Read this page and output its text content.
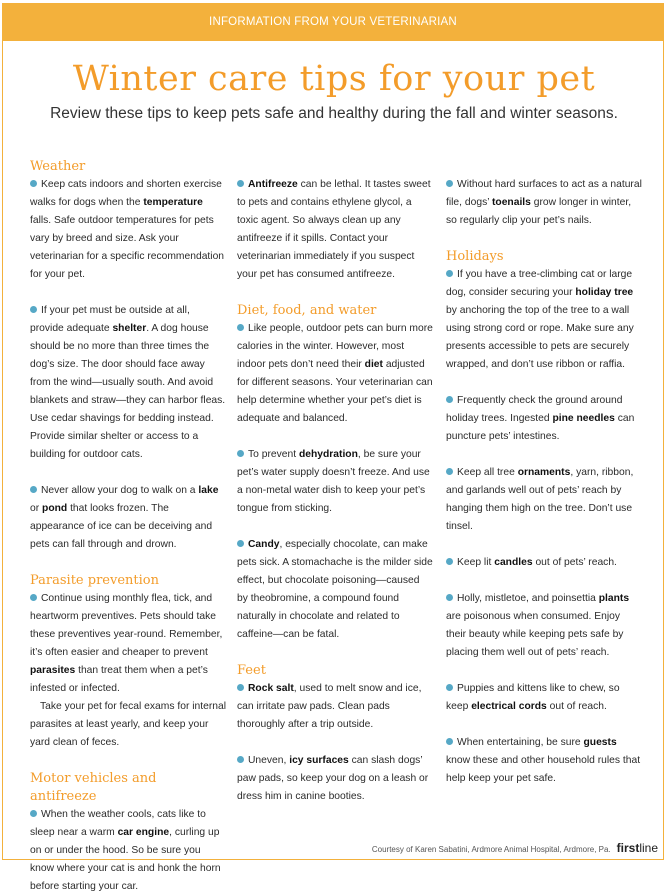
INFORMATION FROM YOUR VETERINARIAN
Winter care tips for your pet
Review these tips to keep pets safe and healthy during the fall and winter seasons.
Weather

Keep cats indoors and shorten exercise walks for dogs when the temperature falls. Safe outdoor temperatures for pets vary by breed and size. Ask your veterinarian for a specific recommendation for your pet.

If your pet must be outside at all, provide adequate shelter. A dog house should be no more than three times the dog’s size. The door should face away from the wind—usually south. And avoid blankets and straw—they can harbor fleas. Use cedar shavings for bedding instead. Provide similar shelter or access to a building for outdoor cats.

Never allow your dog to walk on a lake or pond that looks frozen. The appearance of ice can be deceiving and pets can fall through and drown.

Parasite prevention

Continue using monthly flea, tick, and heartworm preventives. Pets should take these preventives year-round. Remember, it’s often easier and cheaper to prevent parasites than treat them when a pet’s infested or infected.

Take your pet for fecal exams for internal parasites at least yearly, and keep your yard clean of feces.

Motor vehicles and antifreeze

When the weather cools, cats like to sleep near a warm car engine, curling up on or under the hood. So be sure you know where your cat is and honk the horn before starting your car.

Antifreeze can be lethal. It tastes sweet to pets and contains ethylene glycol, a toxic agent. So always clean up any antifreeze if it spills. Contact your veterinarian immediately if you suspect your pet has consumed antifreeze.

Diet, food, and water

Like people, outdoor pets can burn more calories in the winter. However, most indoor pets don’t need their diet adjusted for different seasons. Your veterinarian can help determine whether your pet’s diet is adequate and balanced.

To prevent dehydration, be sure your pet’s water supply doesn’t freeze. And use a non-metal water dish to keep your pet’s tongue from sticking.

Candy, especially chocolate, can make pets sick. A stomachache is the milder side effect, but chocolate poisoning—caused by theobromine, a compound found naturally in chocolate and related to caffeine—can be fatal.

Feet

Rock salt, used to melt snow and ice, can irritate paw pads. Clean pads thoroughly after a trip outside.

Uneven, icy surfaces can slash dogs’ paw pads, so keep your dog on a leash or dress him in canine booties.

Without hard surfaces to act as a natural file, dogs’ toenails grow longer in winter, so regularly clip your pet’s nails.

Holidays

If you have a tree-climbing cat or large dog, consider securing your holiday tree by anchoring the top of the tree to a wall using strong cord or rope. Make sure any presents accessible to pets are securely wrapped, and don’t use ribbon or raffia.

Frequently check the ground around holiday trees. Ingested pine needles can puncture pets’ intestines.

Keep all tree ornaments, yarn, ribbon, and garlands well out of pets’ reach by hanging them high on the tree. Don’t use tinsel.

Keep lit candles out of pets’ reach.

Holly, mistletoe, and poinsettia plants are poisonous when consumed. Enjoy their beauty while keeping pets safe by placing them well out of pets’ reach.

Puppies and kittens like to chew, so keep electrical cords out of reach.

When entertaining, be sure guests know these and other household rules that help keep your pet safe.

Courtesy of Karen Sabatini, Ardmore Animal Hospital, Ardmore, Pa. firstline
